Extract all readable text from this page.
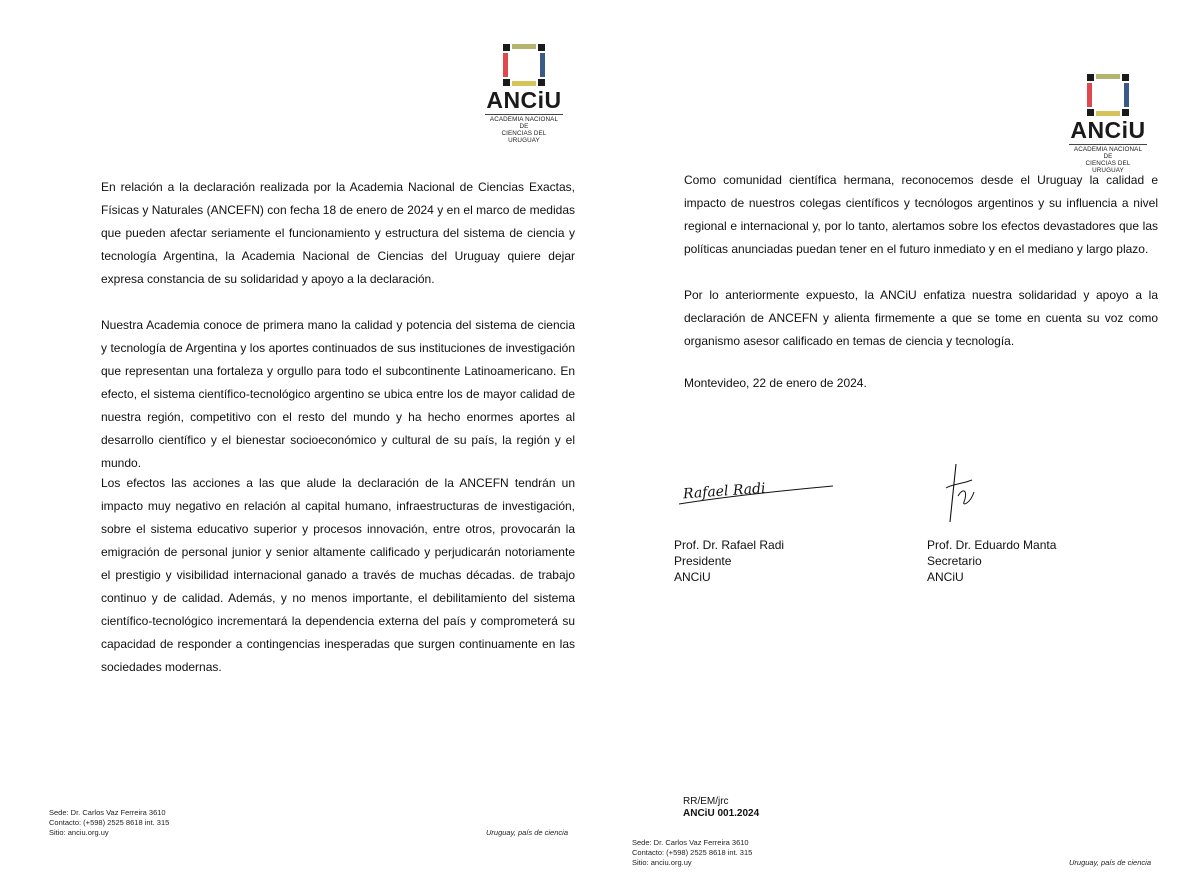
ANCiU
ACADEMIA NACIONAL DE
CIENCIAS DEL URUGUAY

En relación a la declaración realizada por la Academia Nacional de Ciencias Exactas, Físicas y Naturales (ANCEFN) con fecha 18 de enero de 2024 y en el marco de medidas que pueden afectar seriamente el funcionamiento y estructura del sistema de ciencia y tecnología Argentina, la Academia Nacional de Ciencias del Uruguay quiere dejar expresa constancia de su solidaridad y apoyo a la declaración.

Nuestra Academia conoce de primera mano la calidad y potencia del sistema de ciencia y tecnología de Argentina y los aportes continuados de sus instituciones de investigación que representan una fortaleza y orgullo para todo el subcontinente Latinoamericano. En efecto, el sistema científico-tecnológico argentino se ubica entre los de mayor calidad de nuestra región, competitivo con el resto del mundo y ha hecho enormes aportes al desarrollo científico y el bienestar socioeconómico y cultural de su país, la región y el mundo.

Los efectos las acciones a las que alude la declaración de la ANCEFN tendrán un impacto muy negativo en relación al capital humano, infraestructuras de investigación, sobre el sistema educativo superior y procesos innovación, entre otros, provocarán la emigración de personal junior y senior altamente calificado y perjudicarán notoriamente el prestigio y visibilidad internacional ganado a través de muchas décadas. de trabajo continuo y de calidad. Además, y no menos importante, el debilitamiento del sistema científico-tecnológico incrementará la dependencia externa del país y comprometerá su capacidad de responder a contingencias inesperadas que surgen continuamente en las sociedades modernas.

Sede: Dr. Carlos Vaz Ferreira 3610
Contacto: (+598) 2525 8618 int. 315
Sitio: anciu.org.uy	Uruguay, país de ciencia
ANCiU
ACADEMIA NACIONAL DE
CIENCIAS DEL URUGUAY

Como comunidad científica hermana, reconocemos desde el Uruguay la calidad e impacto de nuestros colegas científicos y tecnólogos argentinos y su influencia a nivel regional e internacional y, por lo tanto, alertamos sobre los efectos devastadores que las políticas anunciadas puedan tener en el futuro inmediato y en el mediano y largo plazo.

Por lo anteriormente expuesto, la ANCiU enfatiza nuestra solidaridad y apoyo a la declaración de ANCEFN y alienta firmemente a que se tome en cuenta su voz como organismo asesor calificado en temas de ciencia y tecnología.

Montevideo, 22 de enero de 2024.

Rafael Radi
Prof. Dr. Rafael Radi
Presidente
ANCiU
Prof. Dr. Eduardo Manta
Secretario
ANCiU
RR/EM/jrc
ANCiU 001.2024
Sede: Dr. Carlos Vaz Ferreira 3610
Contacto: (+598) 2525 8618 int. 315
Sitio: anciu.org.uy	Uruguay, país de ciencia
